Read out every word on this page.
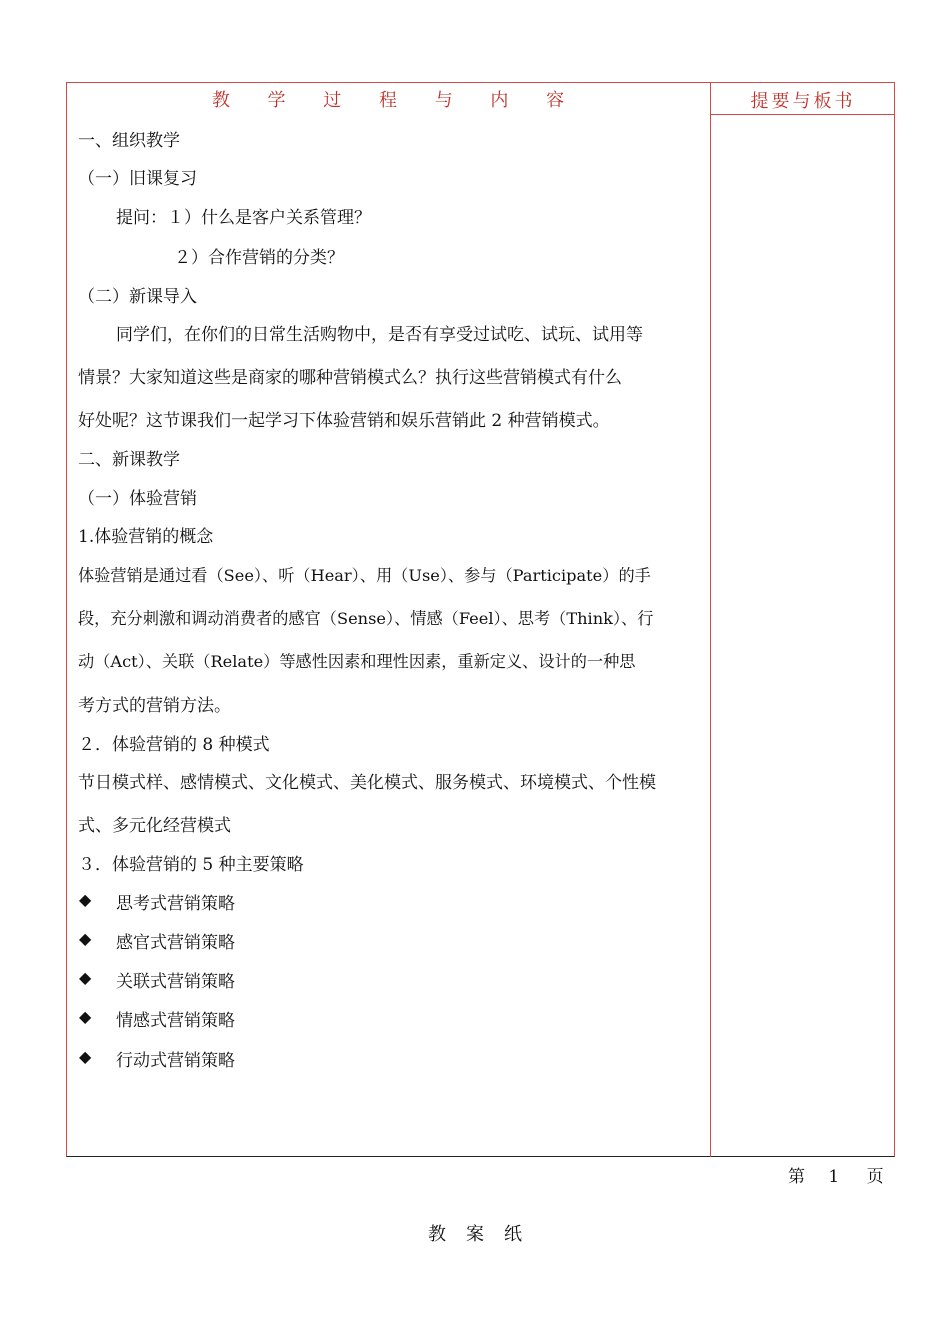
教 学 过 程 与 内 容	提要与板书
一、组织教学
（一）旧课复习
提问：１）什么是客户关系管理？
２）合作营销的分类？
（二）新课导入
同学们，在你们的日常生活购物中，是否有享受过试吃、试玩、试用等
情景？大家知道这些是商家的哪种营销模式么？执行这些营销模式有什么
好处呢？这节课我们一起学习下体验营销和娱乐营销此 2 种营销模式。
二、新课教学
（一）体验营销
1.体验营销的概念
体验营销是通过看（See）、听（Hear）、用（Use）、参与（Participate）的手
段，充分刺激和调动消费者的感官（Sense）、情感（Feel）、思考（Think）、行
动（Act）、关联（Relate）等感性因素和理性因素，重新定义、设计的一种思
考方式的营销方法。
２．体验营销的 8 种模式
节日模式样、感情模式、文化模式、美化模式、服务模式、环境模式、个性模
式、多元化经营模式
３．体验营销的 5 种主要策略
◆ 思考式营销策略
◆ 感官式营销策略
◆ 关联式营销策略
◆ 情感式营销策略
◆ 行动式营销策略
第 1 页
教案纸
